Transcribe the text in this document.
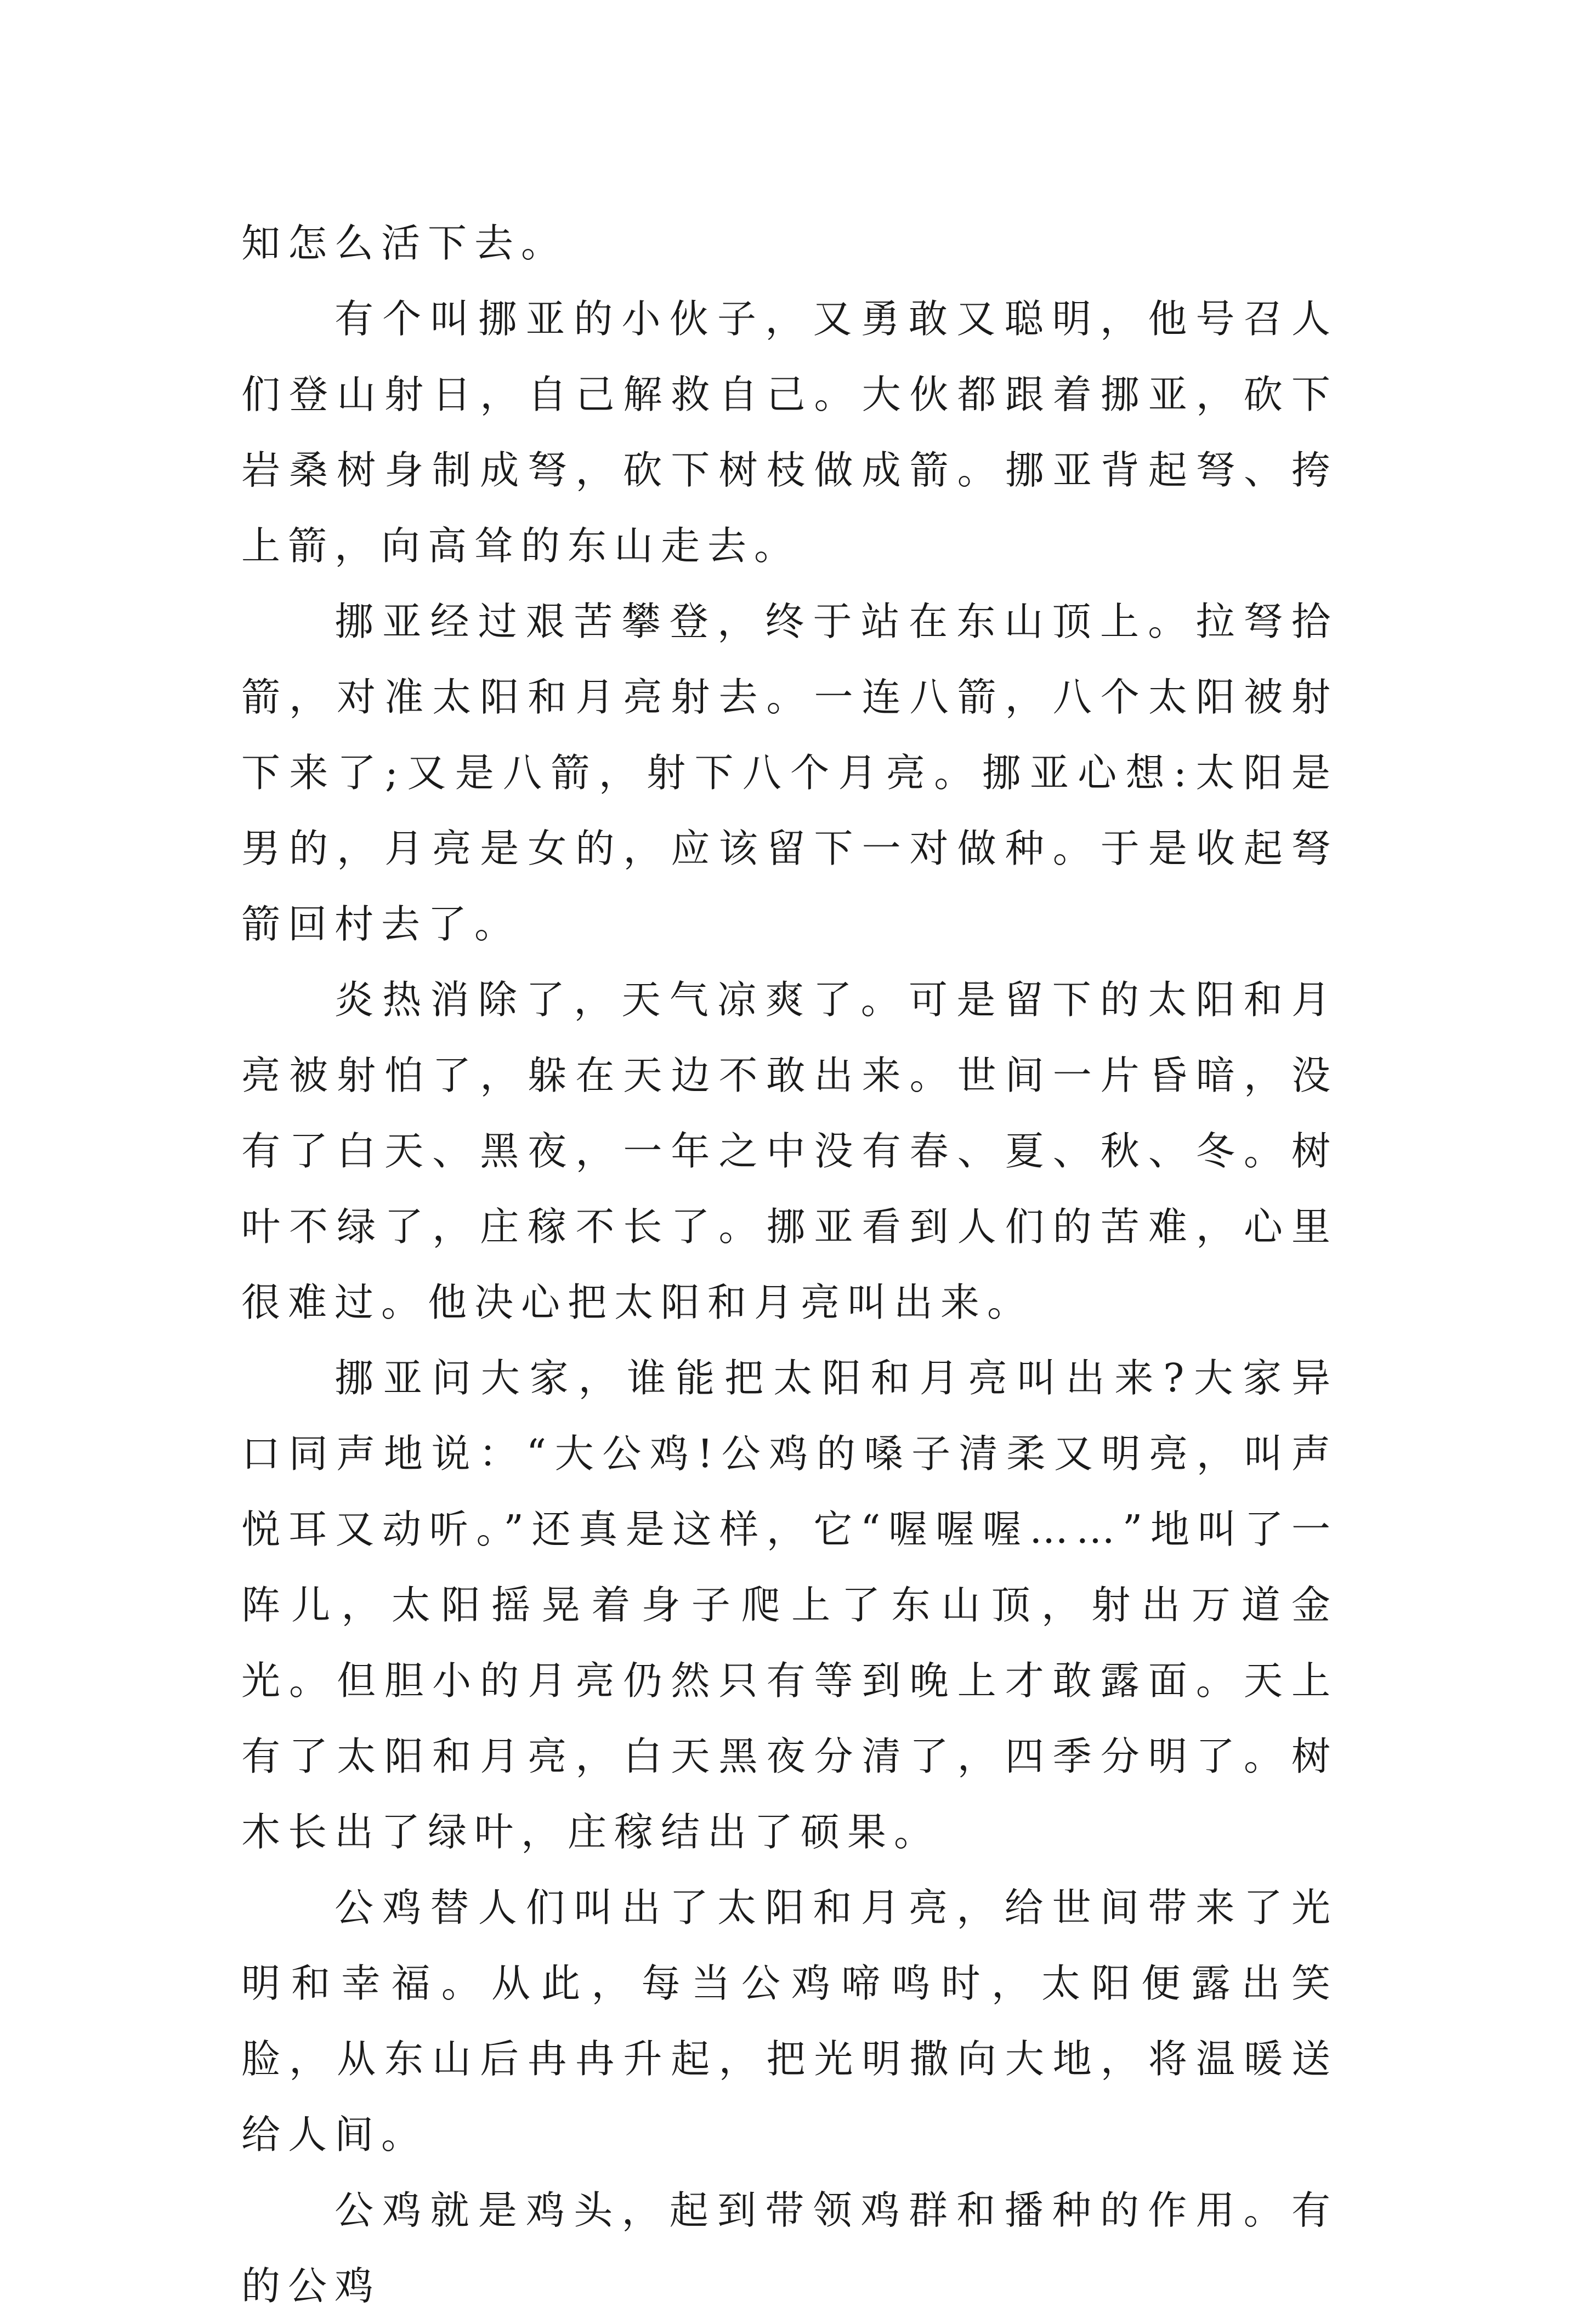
知怎么活下去。

有个叫挪亚的小伙子，又勇敢又聪明，他号召人们登山射日，自己解救自己。大伙都跟着挪亚，砍下岩桑树身制成弩，砍下树枝做成箭。挪亚背起弩、挎上箭，向高耸的东山走去。

挪亚经过艰苦攀登，终于站在东山顶上。拉弩拾箭，对准太阳和月亮射去。一连八箭，八个太阳被射下来了;又是八箭，射下八个月亮。挪亚心想:太阳是男的，月亮是女的，应该留下一对做种。于是收起弩箭回村去了。

炎热消除了，天气凉爽了。可是留下的太阳和月亮被射怕了，躲在天边不敢出来。世间一片昏暗，没有了白天、黑夜，一年之中没有春、夏、秋、冬。树叶不绿了，庄稼不长了。挪亚看到人们的苦难，心里很难过。他决心把太阳和月亮叫出来。

挪亚问大家，谁能把太阳和月亮叫出来?大家异口同声地说：“大公鸡!公鸡的嗓子清柔又明亮，叫声悦耳又动听。”还真是这样，它“喔喔喔……”地叫了一阵儿，太阳摇晃着身子爬上了东山顶，射出万道金光。但胆小的月亮仍然只有等到晚上才敢露面。天上有了太阳和月亮，白天黑夜分清了，四季分明了。树木长出了绿叶，庄稼结出了硕果。

公鸡替人们叫出了太阳和月亮，给世间带来了光明和幸福。从此，每当公鸡啼鸣时，太阳便露出笑脸，从东山后冉冉升起，把光明撒向大地，将温暖送给人间。

公鸡就是鸡头，起到带领鸡群和播种的作用。有的公鸡
